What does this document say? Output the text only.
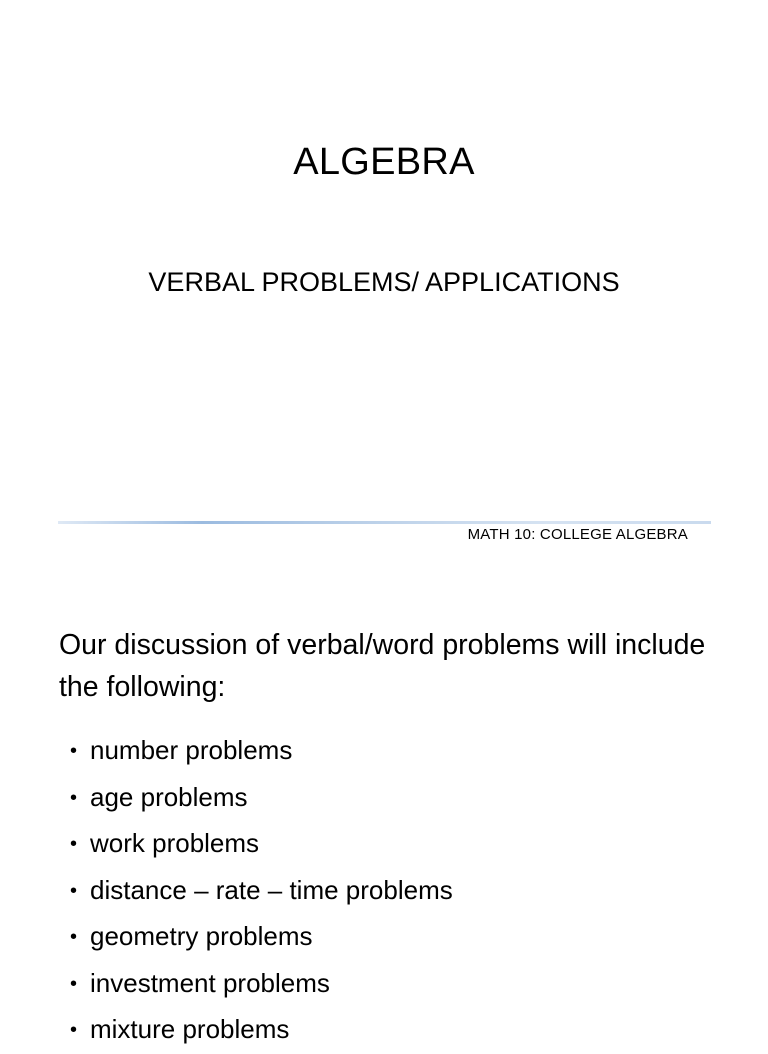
ALGEBRA
VERBAL PROBLEMS/ APPLICATIONS
MATH 10: COLLEGE ALGEBRA
Our discussion of verbal/word problems will include the following:
• number problems
• age problems
• work problems
• distance – rate – time problems
• geometry problems
• investment problems
• mixture problems
